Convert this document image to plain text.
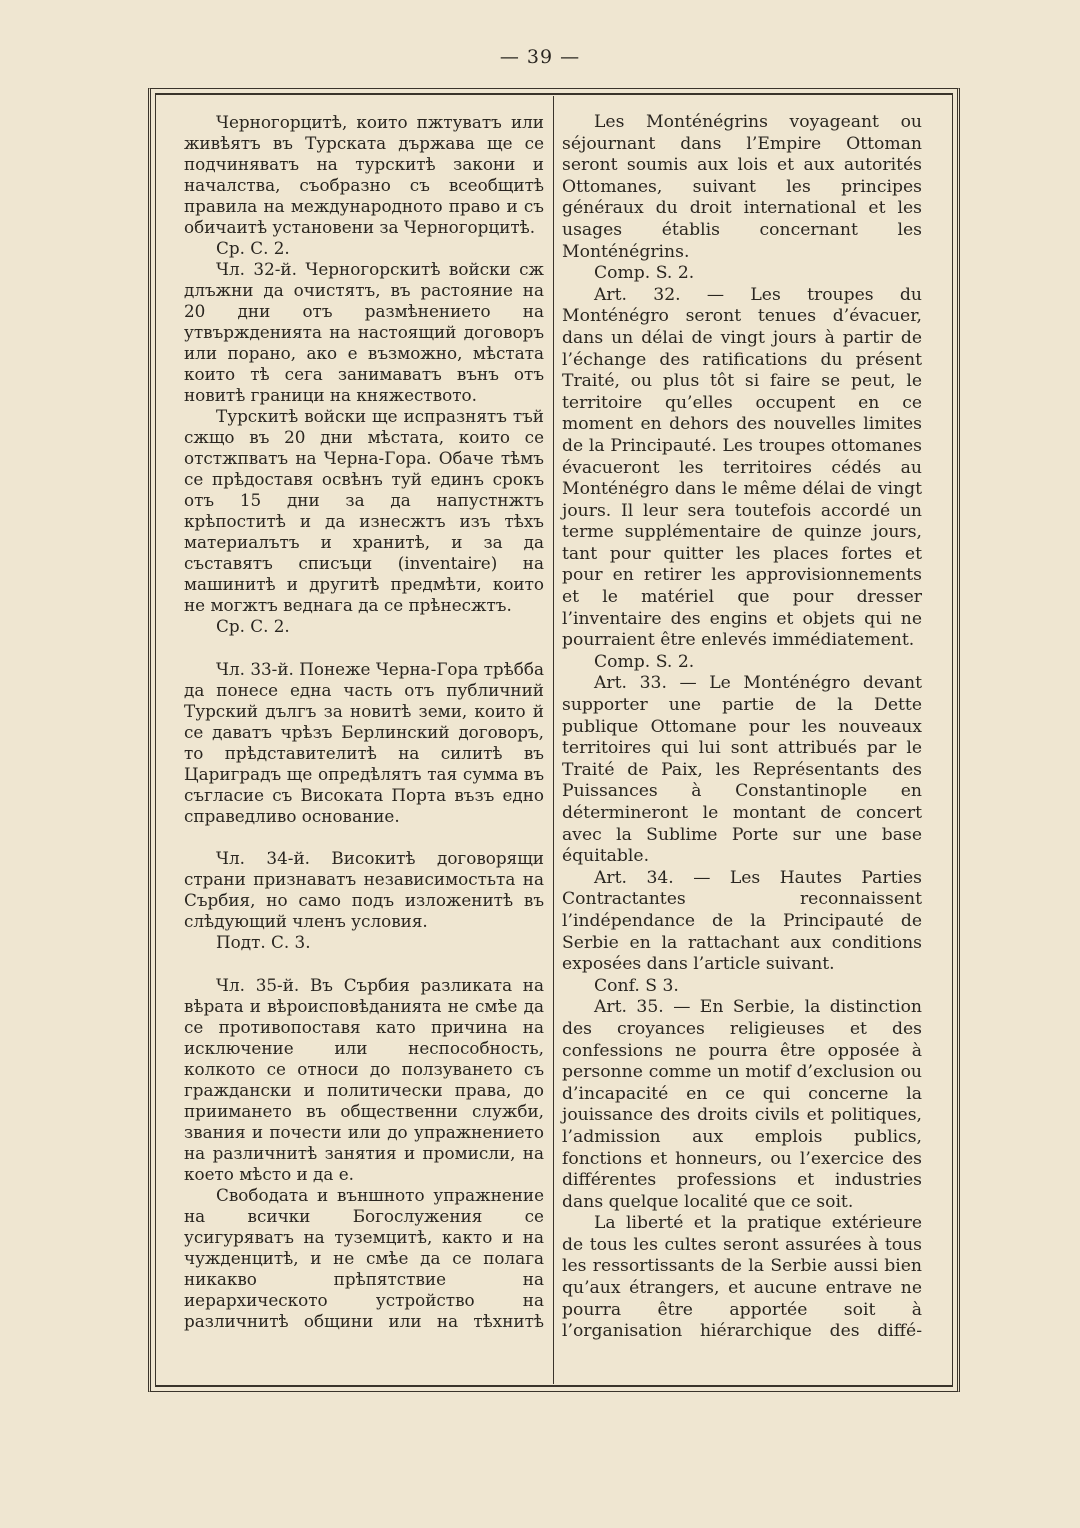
— 39 —

Черногорцитѣ, които пжтуватъ или живѣятъ въ Турската държава ще се подчиняватъ на турскитѣ закони и началства, съобразно съ всеобщитѣ правила на международното право и съ обичаитѣ установени за Черногорцитѣ.

Ср. С. 2.

Чл. 32-й. Черногорскитѣ войски сж длъжни да очистятъ, въ растояние на 20 дни отъ размѣнението на утвържденията на настоящий договоръ или порано, ако е възможно, мѣстата които тѣ сега занимаватъ вънъ отъ новитѣ граници на княжеството.

Турскитѣ войски ще испразнятъ тъй сжщо въ 20 дни мѣстата, които се отстжпватъ на Черна-Гора. Обаче тѣмъ се прѣдоставя освѣнъ туй единъ срокъ отъ 15 дни за да напустнжтъ крѣпоститѣ и да изнесжтъ изъ тѣхъ материалътъ и хранитѣ, и за да съставятъ списъци (inventaire) на машинитѣ и другитѣ предмѣти, които не могжтъ веднага да се прѣнесжтъ.

Ср. С. 2.

Чл. 33-й. Понеже Черна-Гора трѣбба да понесе една часть отъ публичний Турский дългъ за новитѣ земи, които й се даватъ чрѣзъ Берлинский договоръ, то прѣдставителитѣ на силитѣ въ Цариградъ ще опредѣлятъ тая сумма въ съгласие съ Високата Порта възъ едно справедливо основание.

Чл. 34-й. Високитѣ договорящи страни признаватъ независимостьта на Сърбия, но само подъ изложенитѣ въ слѣдующий членъ условия.

Подт. С. 3.

Чл. 35-й. Въ Сърбия разликата на вѣрата и вѣроисповѣданията не смѣе да се противопоставя като причина на исключение или неспособность, колкото се относи до ползуването съ граждански и политически права, до приимането въ общественни служби, звания и почести или до упражнението на различнитѣ занятия и промисли, на което мѣсто и да е.

Свободата и външното упражнение на всички Богослужения се усигуряватъ на туземцитѣ, както и на чужденцитѣ, и не смѣе да се полага никакво прѣпятствие на иерархическото устройство на различнитѣ общини или на тѣхнитѣ

Les Monténégrins voyageant ou séjournant dans l’Empire Ottoman seront soumis aux lois et aux autorités Ottomanes, suivant les principes généraux du droit international et les usages établis concernant les Monténégrins.

Comp. S. 2.

Art. 32. — Les troupes du Monténégro seront tenues d’évacuer, dans un délai de vingt jours à partir de l’échange des ratifications du présent Traité, ou plus tôt si faire se peut, le territoire qu’elles occupent en ce moment en dehors des nouvelles limites de la Principauté. Les troupes ottomanes évacueront les territoires cédés au Monténégro dans le même délai de vingt jours. Il leur sera toutefois accordé un terme supplémentaire de quinze jours, tant pour quitter les places fortes et pour en retirer les approvisionnements et le matériel que pour dresser l’inventaire des engins et objets qui ne pourraient être enlevés immédiatement.

Comp. S. 2.

Art. 33. — Le Monténégro devant supporter une partie de la Dette publique Ottomane pour les nouveaux territoires qui lui sont attribués par le Traité de Paix, les Représentants des Puissances à Constantinople en détermineront le montant de concert avec la Sublime Porte sur une base équitable.

Art. 34. — Les Hautes Parties Contractantes reconnaissent l’indépendance de la Principauté de Serbie en la rattachant aux conditions exposées dans l’article suivant.

Conf. S 3.

Art. 35. — En Serbie, la distinction des croyances religieuses et des confessions ne pourra être opposée à personne comme un motif d’exclusion ou d’incapacité en ce qui concerne la jouissance des droits civils et politiques, l’admission aux emplois publics, fonctions et honneurs, ou l’exercice des différentes professions et industries dans quelque localité que ce soit.

La liberté et la pratique extérieure de tous les cultes seront assurées à tous les ressortissants de la Serbie aussi bien qu’aux étrangers, et aucune entrave ne pourra être apportée soit à l’organisation hiérarchique des diffé-
